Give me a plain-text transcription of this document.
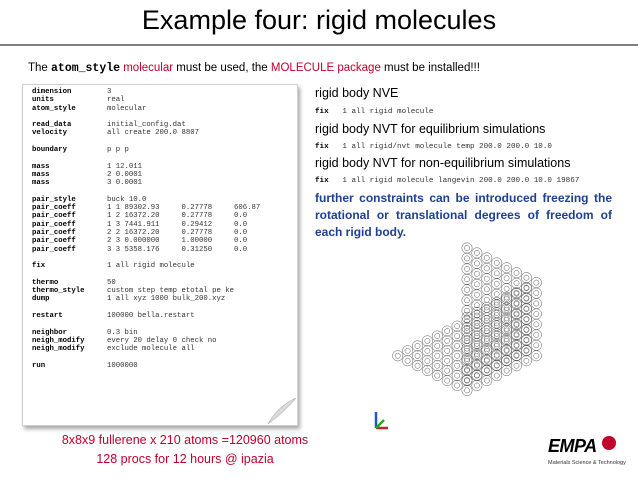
Example four: rigid molecules
The atom_style molecular must be used, the MOLECULE package must be installed!!!
dimension	3
units	real
atom_style	molecular
read_data	initial_config.dat
velocity	all create 200.0 8807
boundary	p p p
mass	1 12.011
mass	2 0.0001
mass	3 0.0001
pair_style	buck 10.0
pair_coeff	1 1 89302.93     0.27778     606.87
pair_coeff	1 2 16372.20     0.27778     0.0
pair_coeff	1 3 7441.911     0.29412     0.0
pair_coeff	2 2 16372.20     0.27778     0.0
pair_coeff	2 3 0.000000     1.00000     0.0
pair_coeff	3 3 5358.176     0.31250     0.0
fix	1 all rigid molecule
thermo	50
thermo_style	custom step temp etotal pe ke
dump	1 all xyz 1000 bulk_200.xyz
restart	100000 bella.restart
neighbor	0.3 bin
neigh_modify	every 20 delay 0 check no
neigh_modify	exclude molecule all
run	1000000
rigid body NVE
fix   1 all rigid molecule
rigid body NVT for equilibrium simulations
fix   1 all rigid/nvt molecule temp 200.0 200.0 10.0
rigid body NVT for non-equilibrium simulations
fix   1 all rigid molecule langevin 200.0 200.0 10.0 19867
further constraints can be introduced freezing the rotational or translational degrees of freedom of each rigid body.
8x8x9 fullerene x 210 atoms =120960 atoms
128 procs for 12 hours @ ipazia
EMPA
Materials Science & Technology
